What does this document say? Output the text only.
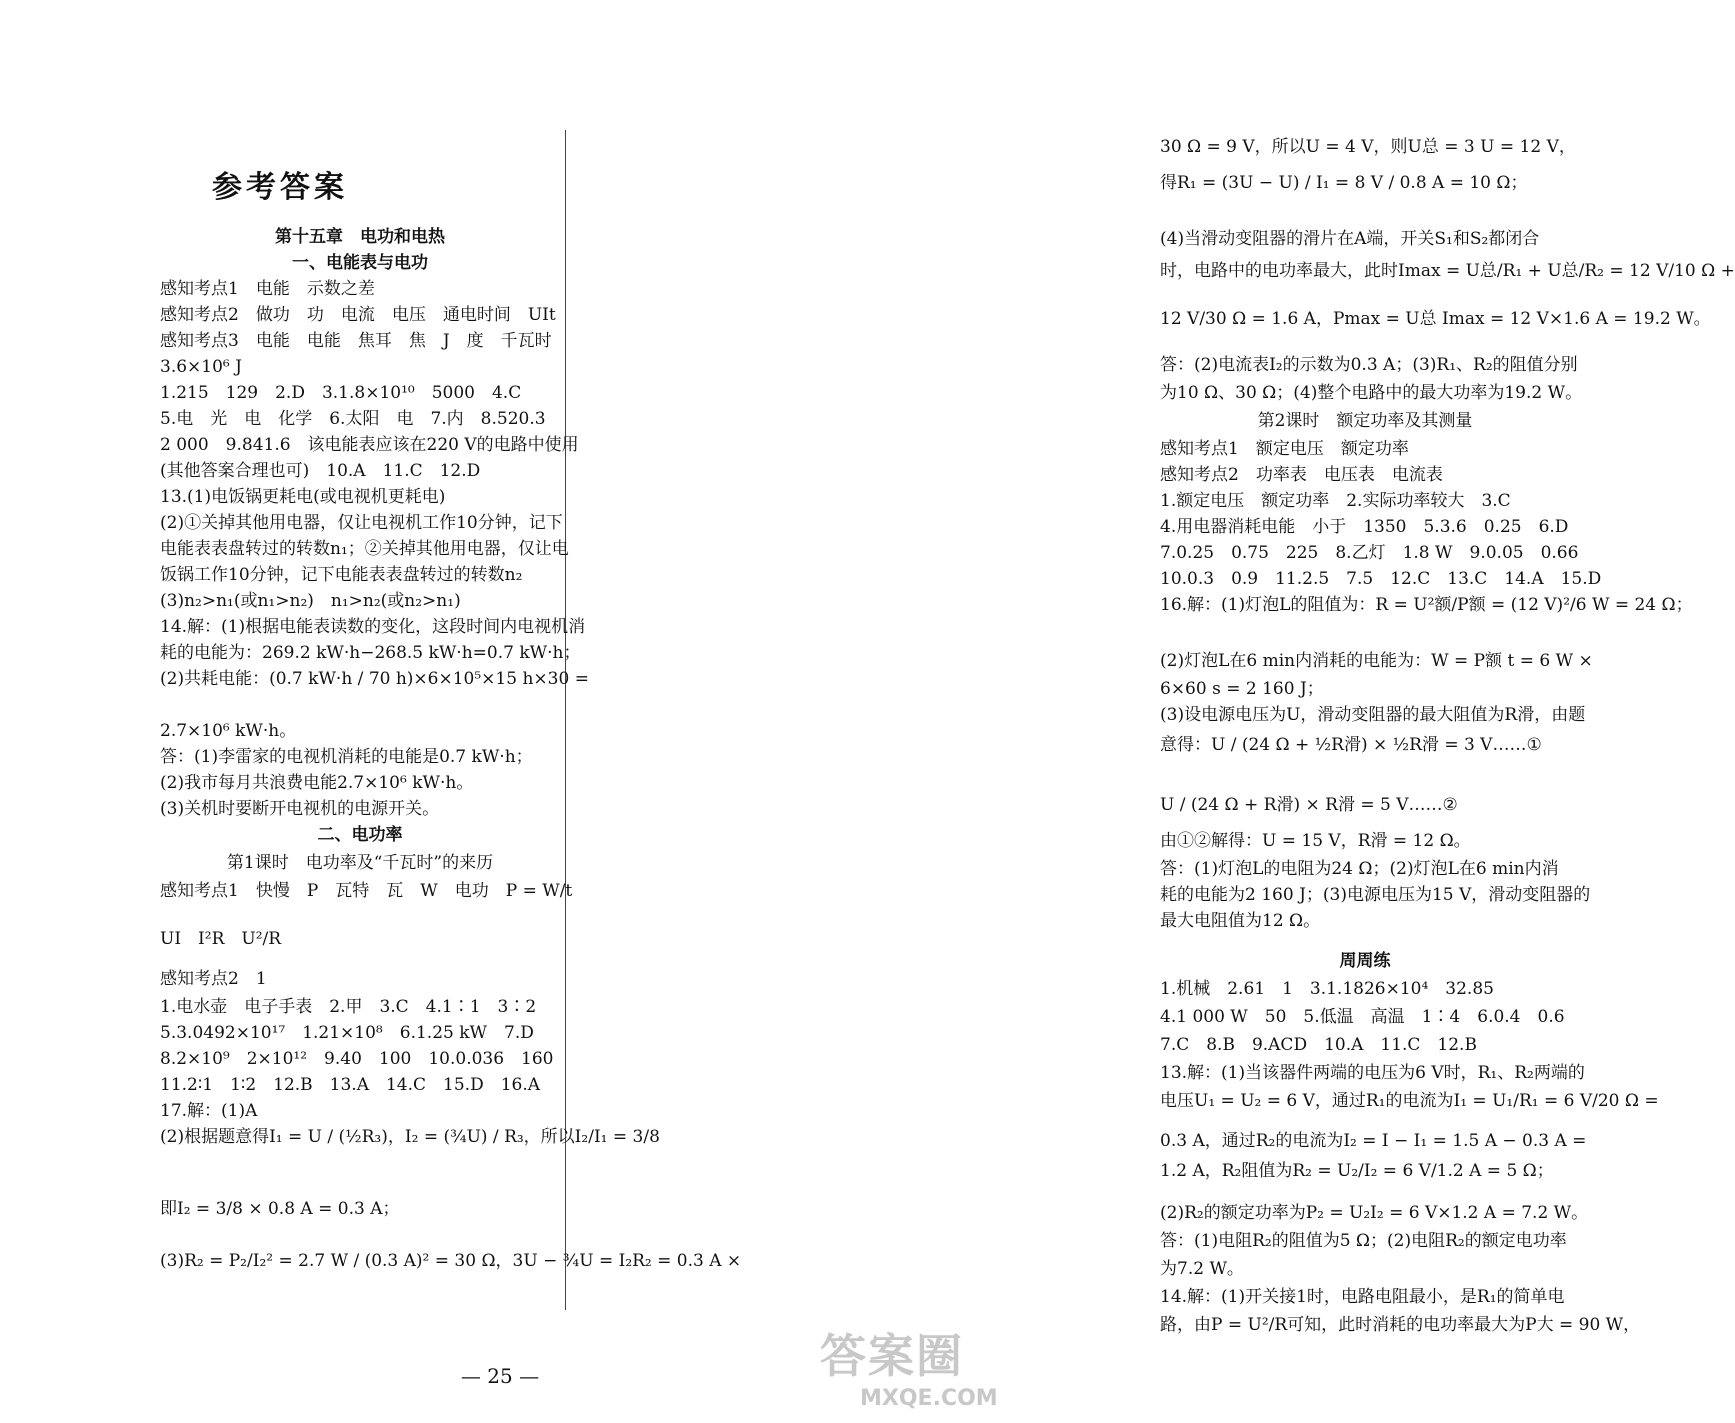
参考答案
第十五章　电功和电热
一、电能表与电功
感知考点1　电能　示数之差
感知考点2　做功　功　电流　电压　通电时间　UIt
感知考点3　电能　电能　焦耳　焦　J　度　千瓦时
3.6×10⁶ J
1.215　129　2.D　3.1.8×10¹⁰　5000　4.C
5.电　光　电　化学　6.太阳　电　7.内　8.520.3
2 000　9.841.6　该电能表应该在220 V的电路中使用
(其他答案合理也可)　10.A　11.C　12.D
13.(1)电饭锅更耗电(或电视机更耗电)
(2)①关掉其他用电器，仅让电视机工作10分钟，记下
电能表表盘转过的转数n₁；②关掉其他用电器，仅让电
饭锅工作10分钟，记下电能表表盘转过的转数n₂
(3)n₂>n₁(或n₁>n₂)　n₁>n₂(或n₂>n₁)
14.解：(1)根据电能表读数的变化，这段时间内电视机消
耗的电能为：269.2 kW·h−268.5 kW·h=0.7 kW·h；
(2)共耗电能：(0.7 kW·h / 70 h)×6×10⁵×15 h×30 =
2.7×10⁶ kW·h。
答：(1)李雷家的电视机消耗的电能是0.7 kW·h；
(2)我市每月共浪费电能2.7×10⁶ kW·h。
(3)关机时要断开电视机的电源开关。
二、电功率
第1课时　电功率及“千瓦时”的来历
感知考点1　快慢　P　瓦特　瓦　W　电功　P = W/t
UI　I²R　U²/R
感知考点2　1
1.电水壶　电子手表　2.甲　3.C　4.1∶1　3∶2
5.3.0492×10¹⁷　1.21×10⁸　6.1.25 kW　7.D
8.2×10⁹　2×10¹²　9.40　100　10.0.036　160
11.2∶1　1∶2　12.B　13.A　14.C　15.D　16.A
17.解：(1)A
(2)根据题意得I₁ = U / (½R₃)，I₂ = (¾U) / R₃，所以I₂/I₁ = 3/8
即I₂ = 3/8 × 0.8 A = 0.3 A；
(3)R₂ = P₂/I₂² = 2.7 W / (0.3 A)² = 30 Ω，3U − ¾U = I₂R₂ = 0.3 A ×
30 Ω = 9 V，所以U = 4 V，则U总 = 3 U = 12 V，
得R₁ = (3U − U) / I₁ = 8 V / 0.8 A = 10 Ω；
(4)当滑动变阻器的滑片在A端，开关S₁和S₂都闭合
时，电路中的电功率最大，此时Imax = U总/R₁ + U总/R₂ = 12 V/10 Ω +
12 V/30 Ω = 1.6 A，Pmax = U总 Imax = 12 V×1.6 A = 19.2 W。
答：(2)电流表I₂的示数为0.3 A；(3)R₁、R₂的阻值分别
为10 Ω、30 Ω；(4)整个电路中的最大功率为19.2 W。
第2课时　额定功率及其测量
感知考点1　额定电压　额定功率
感知考点2　功率表　电压表　电流表
1.额定电压　额定功率　2.实际功率较大　3.C
4.用电器消耗电能　小于　1350　5.3.6　0.25　6.D
7.0.25　0.75　225　8.乙灯　1.8 W　9.0.05　0.66
10.0.3　0.9　11.2.5　7.5　12.C　13.C　14.A　15.D
16.解：(1)灯泡L的阻值为：R = U²额/P额 = (12 V)²/6 W = 24 Ω；
(2)灯泡L在6 min内消耗的电能为：W = P额 t = 6 W ×
6×60 s = 2 160 J；
(3)设电源电压为U，滑动变阻器的最大阻值为R滑，由题
意得：U / (24 Ω + ½R滑) × ½R滑 = 3 V……①
U / (24 Ω + R滑) × R滑 = 5 V……②
由①②解得：U = 15 V，R滑 = 12 Ω。
答：(1)灯泡L的电阻为24 Ω；(2)灯泡L在6 min内消
耗的电能为2 160 J；(3)电源电压为15 V，滑动变阻器的
最大电阻值为12 Ω。
周周练
1.机械　2.61　1　3.1.1826×10⁴　32.85
4.1 000 W　50　5.低温　高温　1∶4　6.0.4　0.6
7.C　8.B　9.ACD　10.A　11.C　12.B
13.解：(1)当该器件两端的电压为6 V时，R₁、R₂两端的
电压U₁ = U₂ = 6 V，通过R₁的电流为I₁ = U₁/R₁ = 6 V/20 Ω =
0.3 A，通过R₂的电流为I₂ = I − I₁ = 1.5 A − 0.3 A =
1.2 A，R₂阻值为R₂ = U₂/I₂ = 6 V/1.2 A = 5 Ω；
(2)R₂的额定功率为P₂ = U₂I₂ = 6 V×1.2 A = 7.2 W。
答：(1)电阻R₂的阻值为5 Ω；(2)电阻R₂的额定电功率
为7.2 W。
14.解：(1)开关接1时，电路电阻最小，是R₁的简单电
路，由P = U²/R可知，此时消耗的电功率最大为P大 = 90 W，
— 25 —	答案圈
MXQE.COM
